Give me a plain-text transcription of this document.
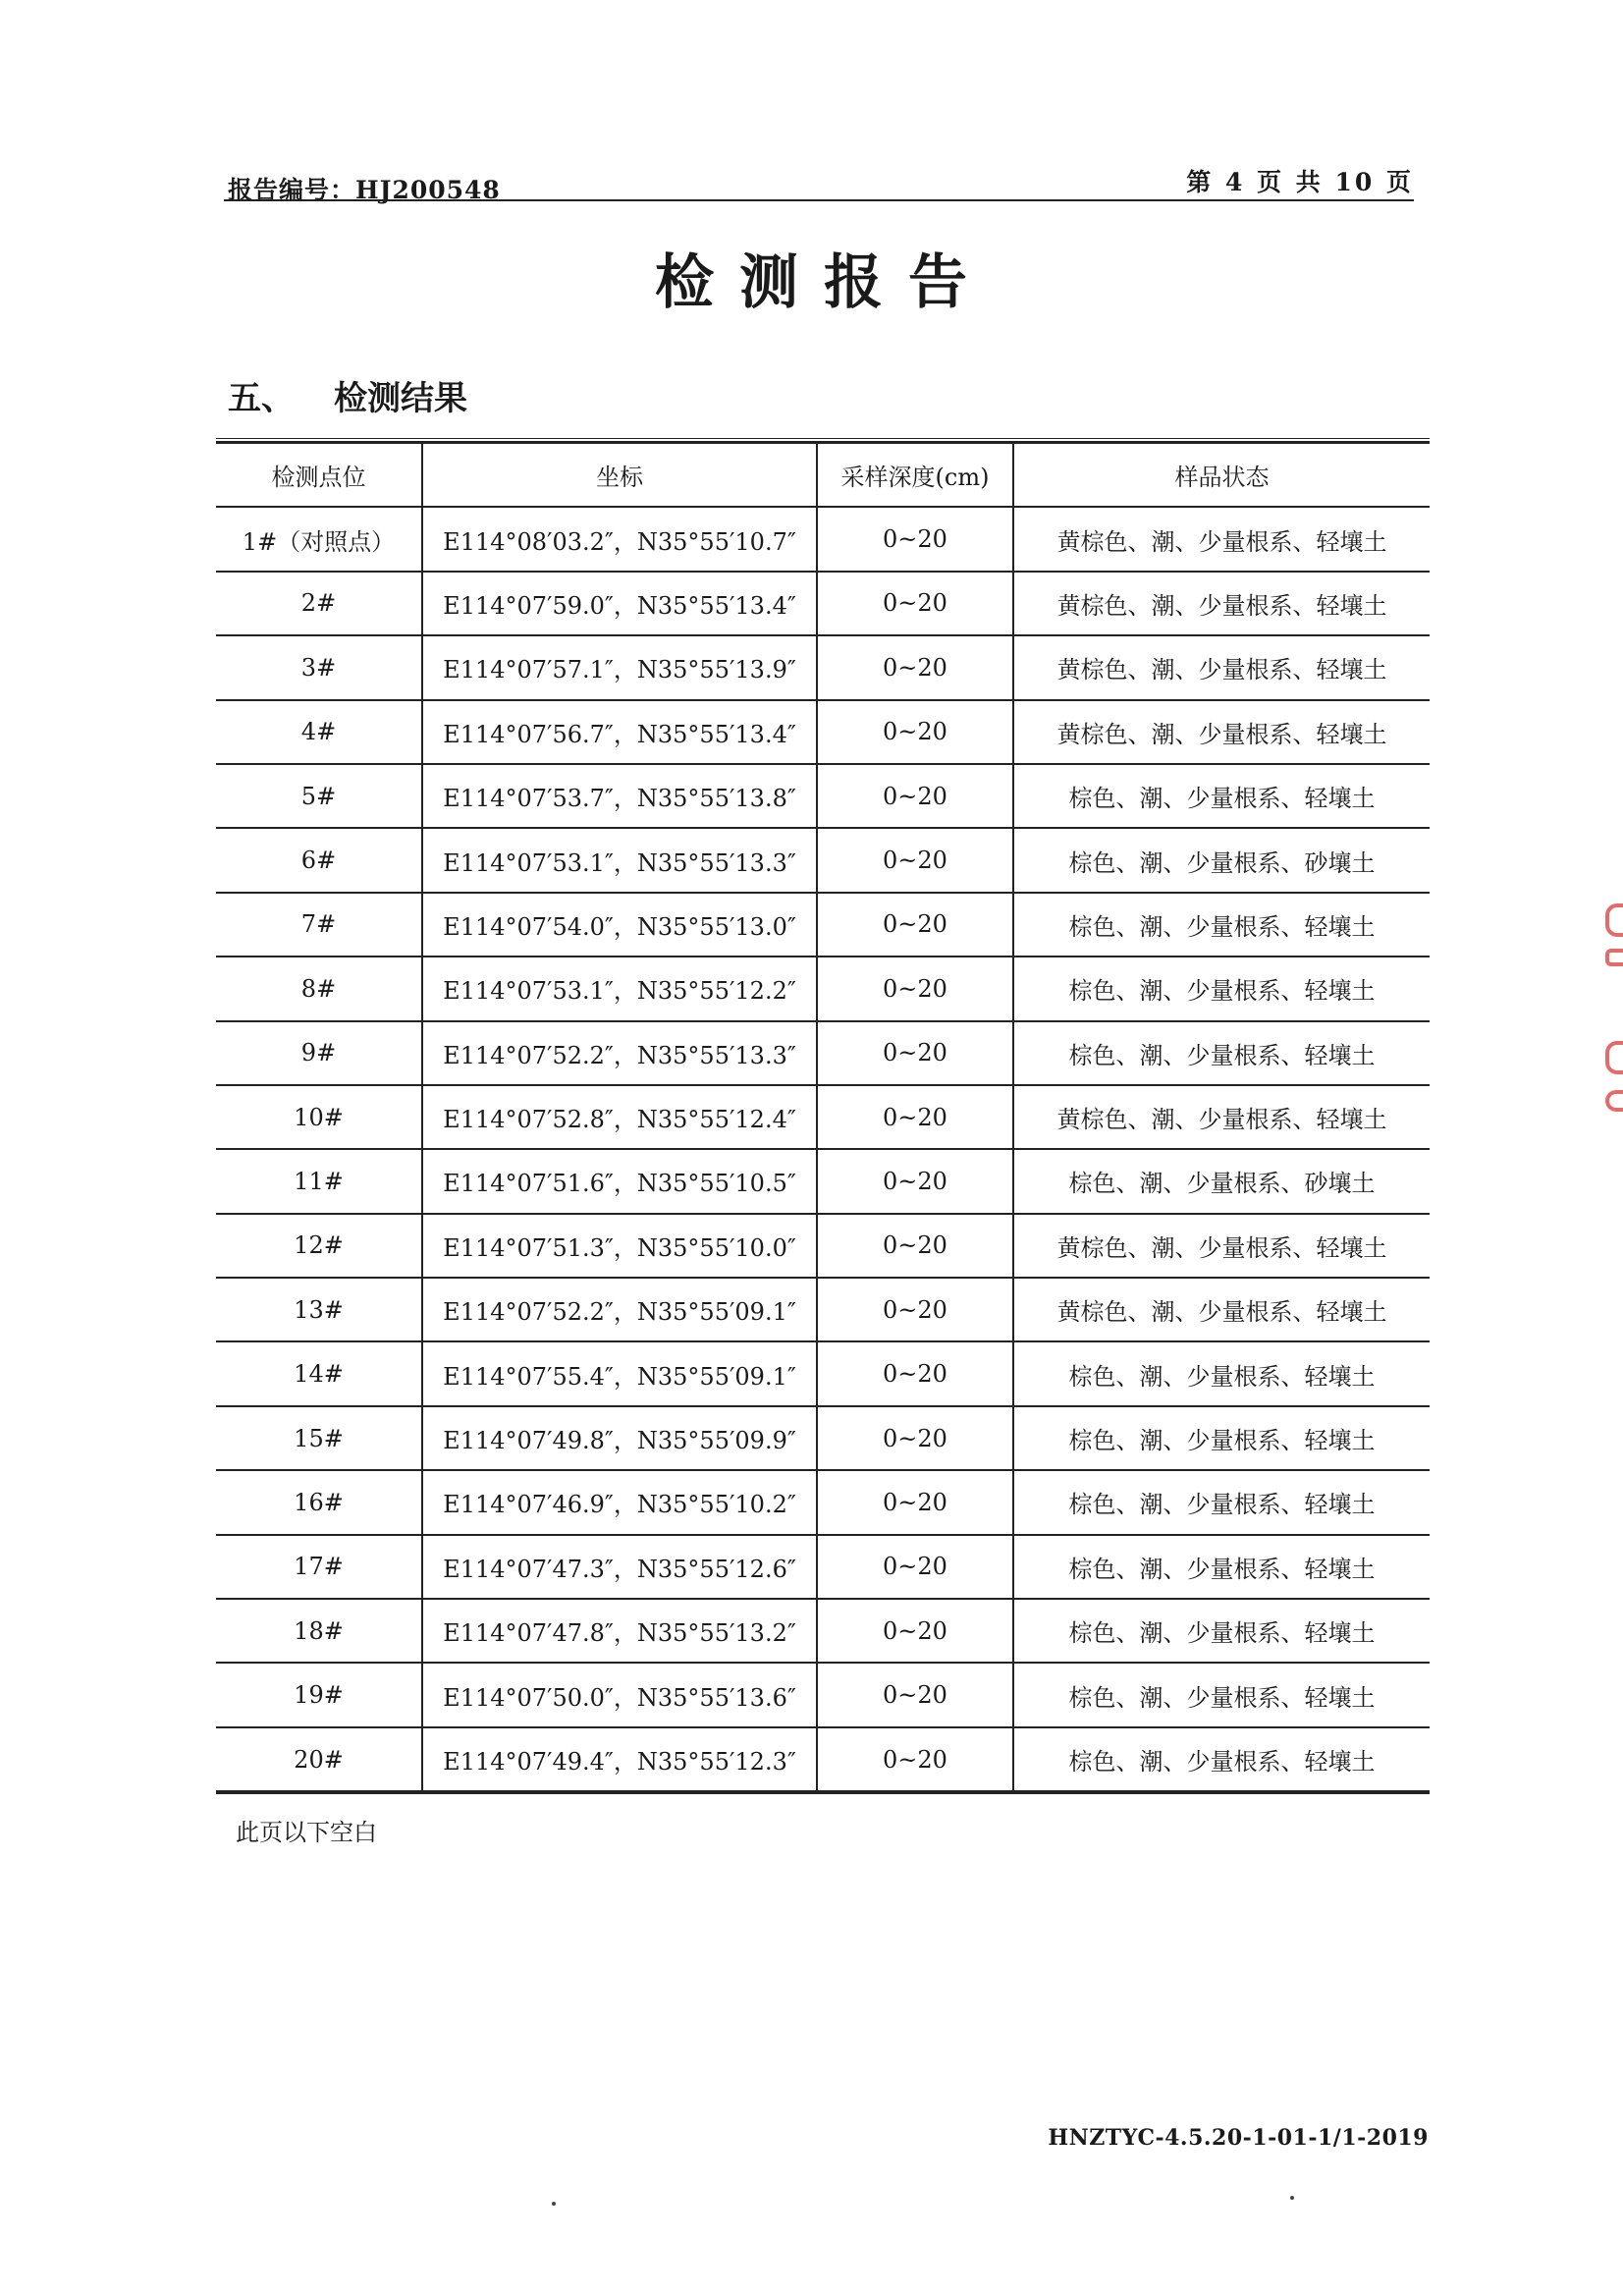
报告编号：HJ200548	第 4 页 共 10 页
检测报告
五、 检测结果
检测点位	坐标	采样深度(cm)	样品状态
1#（对照点）	E114°08′03.2″，N35°55′10.7″	0~20	黄棕色、潮、少量根系、轻壤土
2#	E114°07′59.0″，N35°55′13.4″	0~20	黄棕色、潮、少量根系、轻壤土
3#	E114°07′57.1″，N35°55′13.9″	0~20	黄棕色、潮、少量根系、轻壤土
4#	E114°07′56.7″，N35°55′13.4″	0~20	黄棕色、潮、少量根系、轻壤土
5#	E114°07′53.7″，N35°55′13.8″	0~20	棕色、潮、少量根系、轻壤土
6#	E114°07′53.1″，N35°55′13.3″	0~20	棕色、潮、少量根系、砂壤土
7#	E114°07′54.0″，N35°55′13.0″	0~20	棕色、潮、少量根系、轻壤土
8#	E114°07′53.1″，N35°55′12.2″	0~20	棕色、潮、少量根系、轻壤土
9#	E114°07′52.2″，N35°55′13.3″	0~20	棕色、潮、少量根系、轻壤土
10#	E114°07′52.8″，N35°55′12.4″	0~20	黄棕色、潮、少量根系、轻壤土
11#	E114°07′51.6″，N35°55′10.5″	0~20	棕色、潮、少量根系、砂壤土
12#	E114°07′51.3″，N35°55′10.0″	0~20	黄棕色、潮、少量根系、轻壤土
13#	E114°07′52.2″，N35°55′09.1″	0~20	黄棕色、潮、少量根系、轻壤土
14#	E114°07′55.4″，N35°55′09.1″	0~20	棕色、潮、少量根系、轻壤土
15#	E114°07′49.8″，N35°55′09.9″	0~20	棕色、潮、少量根系、轻壤土
16#	E114°07′46.9″，N35°55′10.2″	0~20	棕色、潮、少量根系、轻壤土
17#	E114°07′47.3″，N35°55′12.6″	0~20	棕色、潮、少量根系、轻壤土
18#	E114°07′47.8″，N35°55′13.2″	0~20	棕色、潮、少量根系、轻壤土
19#	E114°07′50.0″，N35°55′13.6″	0~20	棕色、潮、少量根系、轻壤土
20#	E114°07′49.4″，N35°55′12.3″	0~20	棕色、潮、少量根系、轻壤土
此页以下空白
HNZTYC-4.5.20-1-01-1/1-2019
